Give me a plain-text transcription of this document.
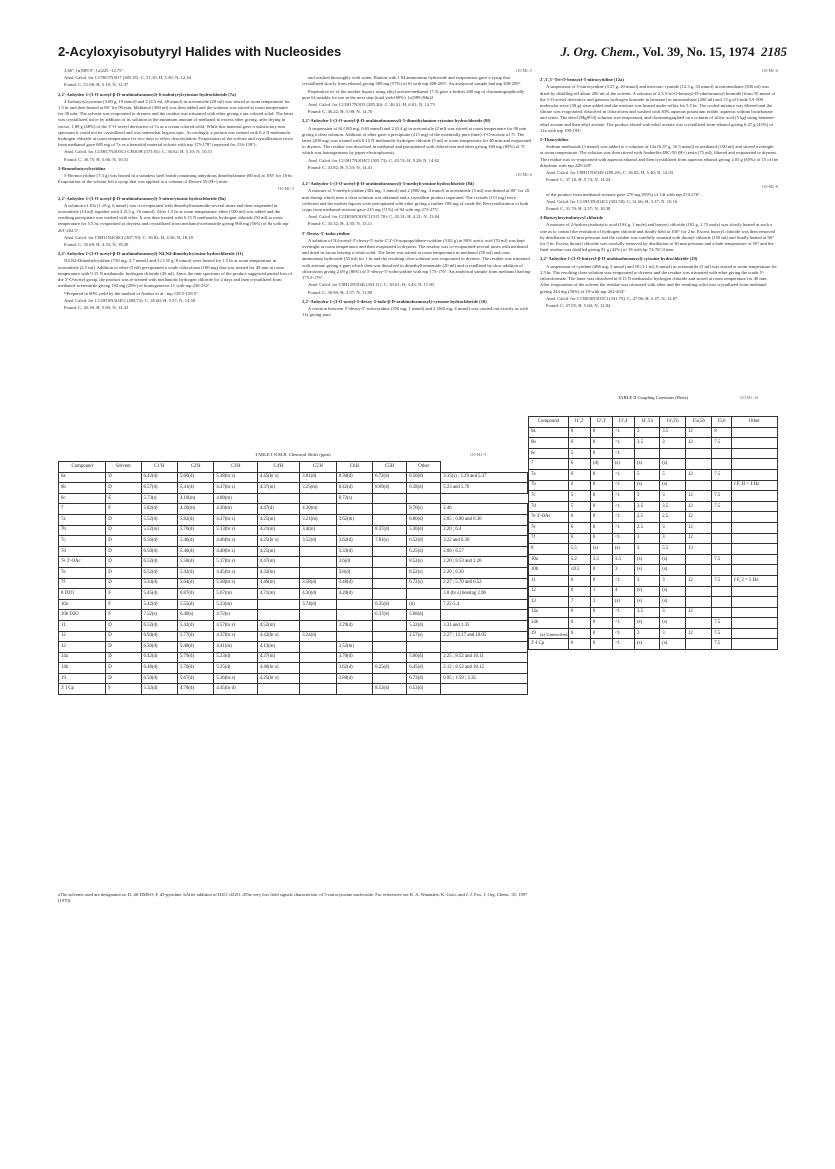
2-Acyloxyisobutyryl Halides with Nucleosides	J. Org. Chem., Vol. 39, No. 15, 1974 2185

3.60°, [α]589 0°, [α]225 -12.75°.

Anal. Calcd. for C17H17N5O7 (385.35): C, 51.10; H, 5.39; N, 12.34

Found: C, 51.08; H, 5.10; N, 12.37

2,2'-Anhydro-1-(3-O-acetyl-β-D-arabinofuranosyl)-6-isobutyrylcytosine hydrochloride (7a)

2-Isobutyrylcytosine (3.89 g, 19 mmol) and 2 (4.5 ml, 48 mmol) in acetonitrile (20 ml) was stirred at room temperature for 1.5 hr and then heated at 80° for 90 min. Methanol (300 ml) was then added and the solution was stirred at room temperature for 30 min. The solvent was evaporated to dryness and the residue was triturated with ether giving a tan colored solid. The latter was crystallized twice by addition of its solution in the minimum amount of methanol to excess ether giving, after drying in vacuo, 1.89 g (48%) of the 3'-O-acetyl derivative of 7a as a cream colored solid. While this material gave a satisfactory nmr spectrum it could not be crystallized and was somewhat hygroscopic. Accordingly a portion was treated with 0.2 N methanolic hydrogen chloride at room temperature for two days to effect deacetylation. Evaporation of the solvent and crystallization twice from methanol gave 685 mg of 7a as a beautiful material solvate with mp 175-178° (reported for 154-158°):

Anal. Calcd. for C13H17N3O5Cl·CH3OH (375.81): C, 36.62; H, 5.10; N, 10.51

Found: C, 36.75; H, 5.66; N, 10.31

5-Bromobutyrylcytidine

5-Bromocytidine (7.3 g) was heated in a stainless steel bomb containing anhydrous dimethylamine (80 ml) at 100° for 18 hr. Evaporation of the solvent left a syrup that was applied to a column of Dowex 50 (H+) resin

J10-ML-3

2,2'-Anhydro-1-(3-O-acetyl-β-D-arabinofuranosyl)-5-nitrocytosine hydrochloride (8a)

A solution of 10a (1.18 g, 6 mmol) was co-evaporated with dimethylformamide several times and then suspended in acetonitrile (14 ml) together with 2 (5.5 g, 16 mmol). After 1.5 hr at room temperature, ether (100 ml) was added and the resulting precipitate was washed with ether. It was then treated with 0.15 N methanolic hydrogen chloride (50 ml) at room temperature for 5.5 hr, evaporated to dryness and crystallized from methanol-acetonitrile giving 960 mg (56%) of 8a with mp 201-202.5°.

Anal. Calcd. for C9H11N4O6Cl (307.70): C, 36.82; H, 4.56; N, 18.18

Found: C, 35.69; H, 4.33; N, 18.29

2,2'-Anhydro-1-(3-O-acetyl-β-D-arabinofuranosyl)-N4,N4-dimethylcytosine hydrochloride (11)

N4,N4-Dimethylcytidine (730 mg, 2.7 mmol) and 2 (1.35 g, 8 mmol) were heated for 1.5 hr at room temperature in acetonitrile (2.5 ml). Addition of ether (5 ml) precipitated a crude chloroform (160 mg) that was treated for 40 min at room temperature with 0.15 N methanolic hydrogen chloride (20 ml). Since the nmr spectrum of the product suggested partial loss of the 3'-O-acetyl group, the product was re-treated with methanolic hydrogen chloride for 2 days and then crystallized from methanol-acetonitrile giving 192 mg (28%) of homogeneous 11 with mp 230-232°.

¹¹Prepared in 60% yield by the method of Anders et al.: mp 158.5-159.5°.

Anal. Calcd. for C11H16N3O4Cl (289.72): C, 45.60; H, 5.57; N, 14.50

Found: C, 45.39; H, 5.60; N, 14.33

J10-ML-5

and washed thoroughly with water. Elution with 1 M ammonium hydroxide and evaporation gave a syrup that crystallized slowly from ethanol giving 389 mg (57%) of 6f with mp 208-209°. An analytical sample had mp 208-209°.

Preparative tlc of the mother liquors using ethyl acetate-methanol (7:3) gave a further 200 mg of chromatographically pure 6f suitable for use in the next step (total yield 69%). [α]589 (Mn)2

Anal. Calcd. for C11H17N3O5 (285.26): C, 46.31; H, 6.01; N, 14.73

Found: C, 46.22; H, 5.98; N, 14.70

2,2'-Anhydro-1-(3-O-acetyl-β-D-arabinofuranosyl)-5-dimethylamino-cytosine hydrochloride (8f)

A suspension of 6f (185 mg, 0.65 mmol) and 2 (0.4 g) in acetonitrile (2 ml) was stirred at room temperature for 90 min giving a clear solution. Addition of ether gave a precipitate (215 mg) of the essentially pure (nmr) 3'-O-acetate of 7f. The latter (200 mg) was treated with 0.15 N methanolic hydrogen chloride (5 ml) at room temperature for 40 min and evaporated to dryness. The residue was dissolved in methanol and precipitated with chloroform and ether giving 160 mg (85%) of 7f which was homogeneous by paper electrophoresis.

Anal. Calcd. for C11H17N4O4Cl (305.73): C, 43.74; H, 5.28; N, 14.82

Found: C, 43.82; H, 5.53; N, 14.41

J10-ML-6

2,2'-Anhydro-1-(3-O-acetyl-β-D-arabinofuranosyl)-5-methylcytosine hydrochloride (8d)

A mixture of 5-methylcytidine (382 mg, 1 mmol) and 2 (800 mg, 4 mmol) in acetonitrile (5 ml) was heated at 80° for 20 min during which time a clear solution was obtained and a crystalline product separated. The crystals (111 mg) were collected and the mother liquors were precipitated with ether giving a further 188 mg of crude 8d. Recrystallization of both crops from methanol-acetone gave 223 mg (71%) of 8d with mp 273-275°.

Anal. Calcd. for C12H16N3O5Cl (315.70): C, 45.31; H, 4.21; N, 13.04

Found: C, 45.32; H, 4.50; N, 13.11

5'-Deoxy-5'-iodocytidine

A solution of N4-acetyl-5'-deoxy-5'-iodo-2',3'-O-isopropylidene-cytidine (3.02 g) in 90% acetic acid (70 ml) was kept overnight at room temperature and then evaporated to dryness. The residue was co-evaporated several times with methanol and dried in vacuo leaving a white solid. The latter was stirred at room temperature in methanol (50 ml) and conc. ammonium hydroxide (35 ml) for 1 hr and the resulting clear solution was evaporated to dryness. The residue was triturated with acetone giving a gum which then was dissolved in dimethylformamide (20 ml) and crystallized by slow addition of chloroform giving 2.09 g (86%) of 5'-deoxy-5'-iodocytidine with mp 175-176°. An analytical sample from methanol had mp 175.5-176°.

Anal. Calcd. for C9H12N3O4I (353.11): C, 30.61; H, 3.43; N, 11.90

Found: C, 30.80; H, 3.57; N, 11.80

2,2'-Anhydro-1-(3-O-acetyl-5-deoxy-5-iodo-β-D-arabinofuranosyl)-cytosine hydrochloride (10)

A reaction between 5'-deoxy-5'-iodocytidine (350 mg, 1 mmol) and 2 (360 mg, 4 mmol) was carried out exactly as with 11a giving pure

J10-ML-6

2',3',5'-Tri-O-benzoyl-5-nitrocytidine (12a)

A suspension of 5-nitrocytidine (3.37 g, 20 mmol) and mercuric cyanide (12.3 g, 33 mmol) in nitromethane (500 ml) was dried by distilling off about 200 ml of the solvent. A solution of 2,3,5-tri-O-benzoyl-D-ribofuranosyl bromide [from 50 mmol of the 1-O-acetyl derivative and gaseous hydrogen bromide in benzene] in nitromethane (200 ml) and 13 g of Linde 5A-500 molecular sieve (30 g) were added and the mixture was heated under reflux for 5.5 hr. The cooled mixture was filtered and the filtrate was evaporated, dissolved in chloroform and washed with 30% aqueous potassium iodide, aqueous sodium bicarbonate and water. The dried (MgSO4) solution was evaporated, and chromatographed on a column of silicic acid (5 kg) using benzene-ethyl acetate and then ethyl acetate. The product eluted with ethyl acetate was crystallized from ethanol giving 6.47 g (45%) of 12a with mp 190-193°.

5-Thiacytidine

Sodium methoxide (3 mmol) was added to a solution of 12a (6.47 g, 10.3 mmol) in methanol (100 ml) and stirred overnight at room temperature. The solution was then stirred with Amberlite IRC-50 (H+) resin (75 ml), filtered and evaporated to dryness. The residue was co-evaporated with aqueous ethanol and then crystallized from aqueous ethanol giving 2.05 g (65%) of 15 of the dihydrate with mp 228-229°.

Anal. Calcd. for C8H11N3O4S (289.20): C, 36.82; H, 5.40; N, 14.33

Found: C, 37.18; H, 5.74; N, 14.24

J10-ML-8

of the product from methanol-acetone gave 270 mg (85%) of 14f with mp 274-276°.

Anal. Calcd. for C11H13N4O4Cl (303.50): C, 31.66; H, 3.37; N, 10.16

Found: C, 31.70; H, 3.57; N, 10.38

2-Butyryloxyisobutyryl chloride

A mixture of 2-hydroxyisobutyric acid (104 g, 1 mole) and butyryl chloride (182 g, 1.75 mole) was slowly heated at such a rate as to control the evolution of hydrogen chloride and finally held at 100° for 2 hr. Excess butyryl chloride was then removed by distillation at 52 mm pressure and the residue was carefully warmed with thionyl chloride (150 ml) and finally heated at 60° for 5 hr. Excess thionyl chloride was carefully removed by distillation at 30 mm pressure and a bath temperature of 50° and the final residue was distilled giving 81 g (42%) of 18 with bp 74-76°/4 mm.

2,2'-Anhydro-1-(3-O-butyryl-β-D-arabinofuranosyl)-cytosine hydrochloride (19)

A suspension of cytidine (486 mg, 2 mmol) and 18 (1.1 ml, 6 mmol) in acetonitrile (5 ml) was stirred at room temperature for 2.5 hr. The resulting clear solution was evaporated to dryness and the residue was triturated with ether giving the crude 5'-chloroformate. The latter was dissolved in 0.15 N methanolic hydrogen chloride and stored at room temperature for 40 min. After evaporation of the solvent the residue was triturated with ether and the resulting solid was crystallized from methanol giving 344 mg (56%) of 19 with mp 202-204°.

Anal. Calcd. for C13H18N3O5Cl (331.75): C, 47.06; H, 5.47; N, 12.67

Found: C, 47.05; H, 5.60; N, 12.84

TABLE I N.M.R. Chemical Shifts (ppm)	J10-ML-9
Compound	Solvent	C1'H	C2'H	C3'H	C4'H	C5'H	C6H	C5H	Other	
6a	D	6.42(d)	5.60(d)	5.38(br s)	4.45(br s)	3.81(d)	8.30(d)	6.72(d)	6.50(d)	3.15(s) ; 5.29 and 5.37
6b	D	6.57(d)	5.41(d)	4.47(br s)	4.37(m)	3.25(m)	8.42(d)	8.69(d)	6.58(d)	5.23 and 5.70
6c	E	5.73(t)	4.10(m)	4.08(m)			8.72(s)			
7	F	5.82(d)	4.20(m)	4.30(m)	4.47(d)	4.30(m)			8.70(s)	2.46
7a	D	5.52(d)	5.82(d)	4.47(br s)	4.25(m)	3.21(m)	3.62(m)		6.80(d)	2.05 ; 6.80 and 6.30
7b	D	5.52(m)	5.76(d)	5.13(br s)	4.21(m)	3.4(m)		8.37(d)	5.30(d)	2.20 ; 6.4
7c	D	6.56(d)	5.46(d)	4.46(br s)	4.25(br s)	3.52(d)	3.62(d)	7.81(s)	6.52(d)	3.22 and 6.30
7d	D	6.50(d)	5.40(d)	4.40(br s)	4.25(m)		3.33(d)		6.25(d)	2.06 ; 6.57
7e 3'-OAc	D	6.52(d)	5.58(d)	5.17(br s)	4.47(m)		3.6(d)		8.52(s)	2.20 ; 8.53 and 2.26
7e	D	6.52(d)	5.42(d)	4.45(br s)	4.32(m)		3.8(d)		8.52(s)	2.20 ; 6.20
7f	D	5.24(d)	5.64(d)	5.38(br s)	4.46(m)	3.58(d)	3.48(d)		6.72(s)	2.27 ; 5.70 and 6.52
8 D2O	F	5.45(d)	6.87(d)	5.67(m)	4.71(m)	4.30(d)	4.20(d)			3.0 (br s) bearing 2.96
10a	F	5.42(d)	5.55(d)	5.23(m)		3.74(d)		6.35(d)	(d)	7.22-5.4
10b D2O	F	7.52(s)	6.40(s)	4.72(s)				6.37(d)	5.68(d)	
11	D	6.52(d)	5.42(d)	4.57(br s)	4.52(m)		3.29(d)		5.32(d)	3.31 and 3.35
12	D	6.94(d)	5.77(d)	4.37(br s)	4.42(br s)	3.24(d)			2.57(s)	2.27 ; 12.17 and 10.05
13	D	6.50(d)	5.48(d)	4.41(m)	4.13(m)		3.52(m)			
14a	D	6.42(d)	5.79(d)	5.23(d)	4.27(m)		3.70(d)		5.06(d)	2.25 ; 8.52 and 10.11
14b	D	6.48(d)	5.76(d)	5.25(d)	4.46(br s)		3.62(d)	6.25(d)	6.45(d)	2.12 ; 8.52 and 10.12
19	D	6.59(d)	5.67(d)	5.36(br s)	4.25(br s)		3.88(d)		6.73(d)	0.95 ; 1.59 ; 2.35
3' I Cp	F	5.32(d)	4.78(d)	4.45(br d)				8.52(d)	6.53(d)	
aThe solvents used are designated as: D, d6-DMSO; F, d5-pyridine. bAfter addition of D2O. cD2O. dThe very low field signals characteristic of 5-nitrocytosine nucleoside. For references see K. A. Watanabe, K. Goto, and J. J. Fox, J. Org. Chem., 35, 1997 (1970).
TABLE II Coupling Constants (Hertz)	J10-ML-10
Compound	J1',2'	J2',3'	J3',4'	J4',5'a	J4',5'b	J5a,5b	J5,6	Other
6a	6	0	<1	3	3.5	12	8	
6b	6	0	<1	3.5	3	12	7.5	
6c	5	0	<1					
7	6	(d)	(s)	(s)	(s)			
7a	6	0	<1	5	5	12	7.5	
7b	6	0	<1	(s)	(s)			J F, H = 4 Hz
7c	5	0	<1	3	3	12	7.5	
7d	5	0	<1	3.5	3.5	12	7.5	
7e 3'-OAc	6	0	<1	2.5	2.5	12		
7e	6	0	<1	2.5	3	12		
7f	6	0	<1	3	3	12		
8	5.5	(s)	(s)	3	5.5	13		
10a	5.2	3.5	3.5	(s)	(s)		7.5	
10b	≤0.5	0	3	(s)	(s)			
11	6	0	<1	3	3	12	7.5	J F, 2 = 5 Hz
12	6	1	4	(s)	(s)			
13	7	3	(s)	(s)	(s)			
14a	6	0	<1	3.5	3	12		
14b	6	0	<1	(s)	(s)		7.5	
19	6	0	<1	3	3	12	7.5	
3'-I Cp	6	0	<1	(s)	(s)		7.5	
(a) Unresolved.
